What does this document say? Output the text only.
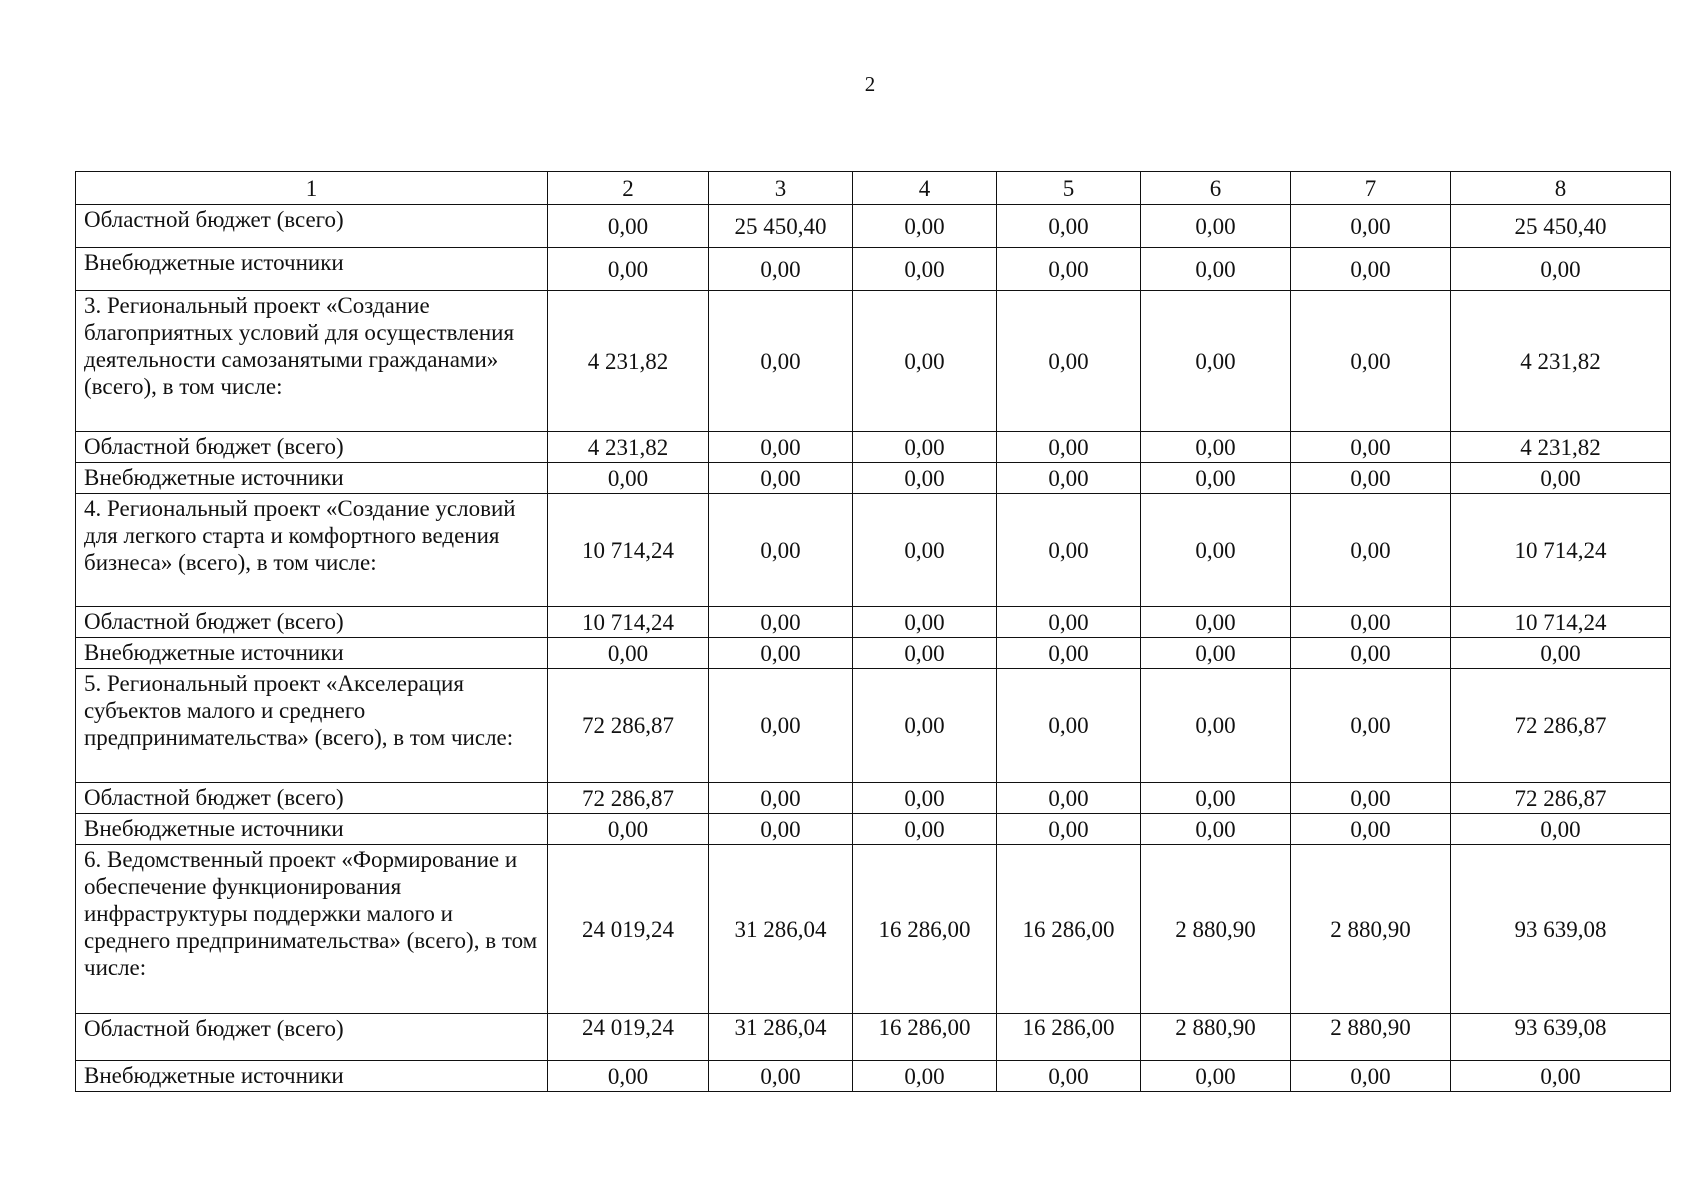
2
1	2	3	4	5	6	7	8
Областной бюджет (всего)	0,00	25 450,40	0,00	0,00	0,00	0,00	25 450,40
Внебюджетные источники	0,00	0,00	0,00	0,00	0,00	0,00	0,00
3. Региональный проект «Создание благоприятных условий для осуществления деятельности самозанятыми гражданами» (всего), в том числе:	4 231,82	0,00	0,00	0,00	0,00	0,00	4 231,82
Областной бюджет (всего)	4 231,82	0,00	0,00	0,00	0,00	0,00	4 231,82
Внебюджетные источники	0,00	0,00	0,00	0,00	0,00	0,00	0,00
4. Региональный проект «Создание условий для легкого старта и комфортного ведения бизнеса» (всего), в том числе:	10 714,24	0,00	0,00	0,00	0,00	0,00	10 714,24
Областной бюджет (всего)	10 714,24	0,00	0,00	0,00	0,00	0,00	10 714,24
Внебюджетные источники	0,00	0,00	0,00	0,00	0,00	0,00	0,00
5. Региональный проект «Акселерация субъектов малого и среднего предпринимательства» (всего), в том числе:	72 286,87	0,00	0,00	0,00	0,00	0,00	72 286,87
Областной бюджет (всего)	72 286,87	0,00	0,00	0,00	0,00	0,00	72 286,87
Внебюджетные источники	0,00	0,00	0,00	0,00	0,00	0,00	0,00
6. Ведомственный проект «Формирование и обеспечение функционирования инфраструктуры поддержки малого и среднего предпринимательства» (всего), в том числе:	24 019,24	31 286,04	16 286,00	16 286,00	2 880,90	2 880,90	93 639,08
Областной бюджет (всего)	24 019,24	31 286,04	16 286,00	16 286,00	2 880,90	2 880,90	93 639,08
Внебюджетные источники	0,00	0,00	0,00	0,00	0,00	0,00	0,00
